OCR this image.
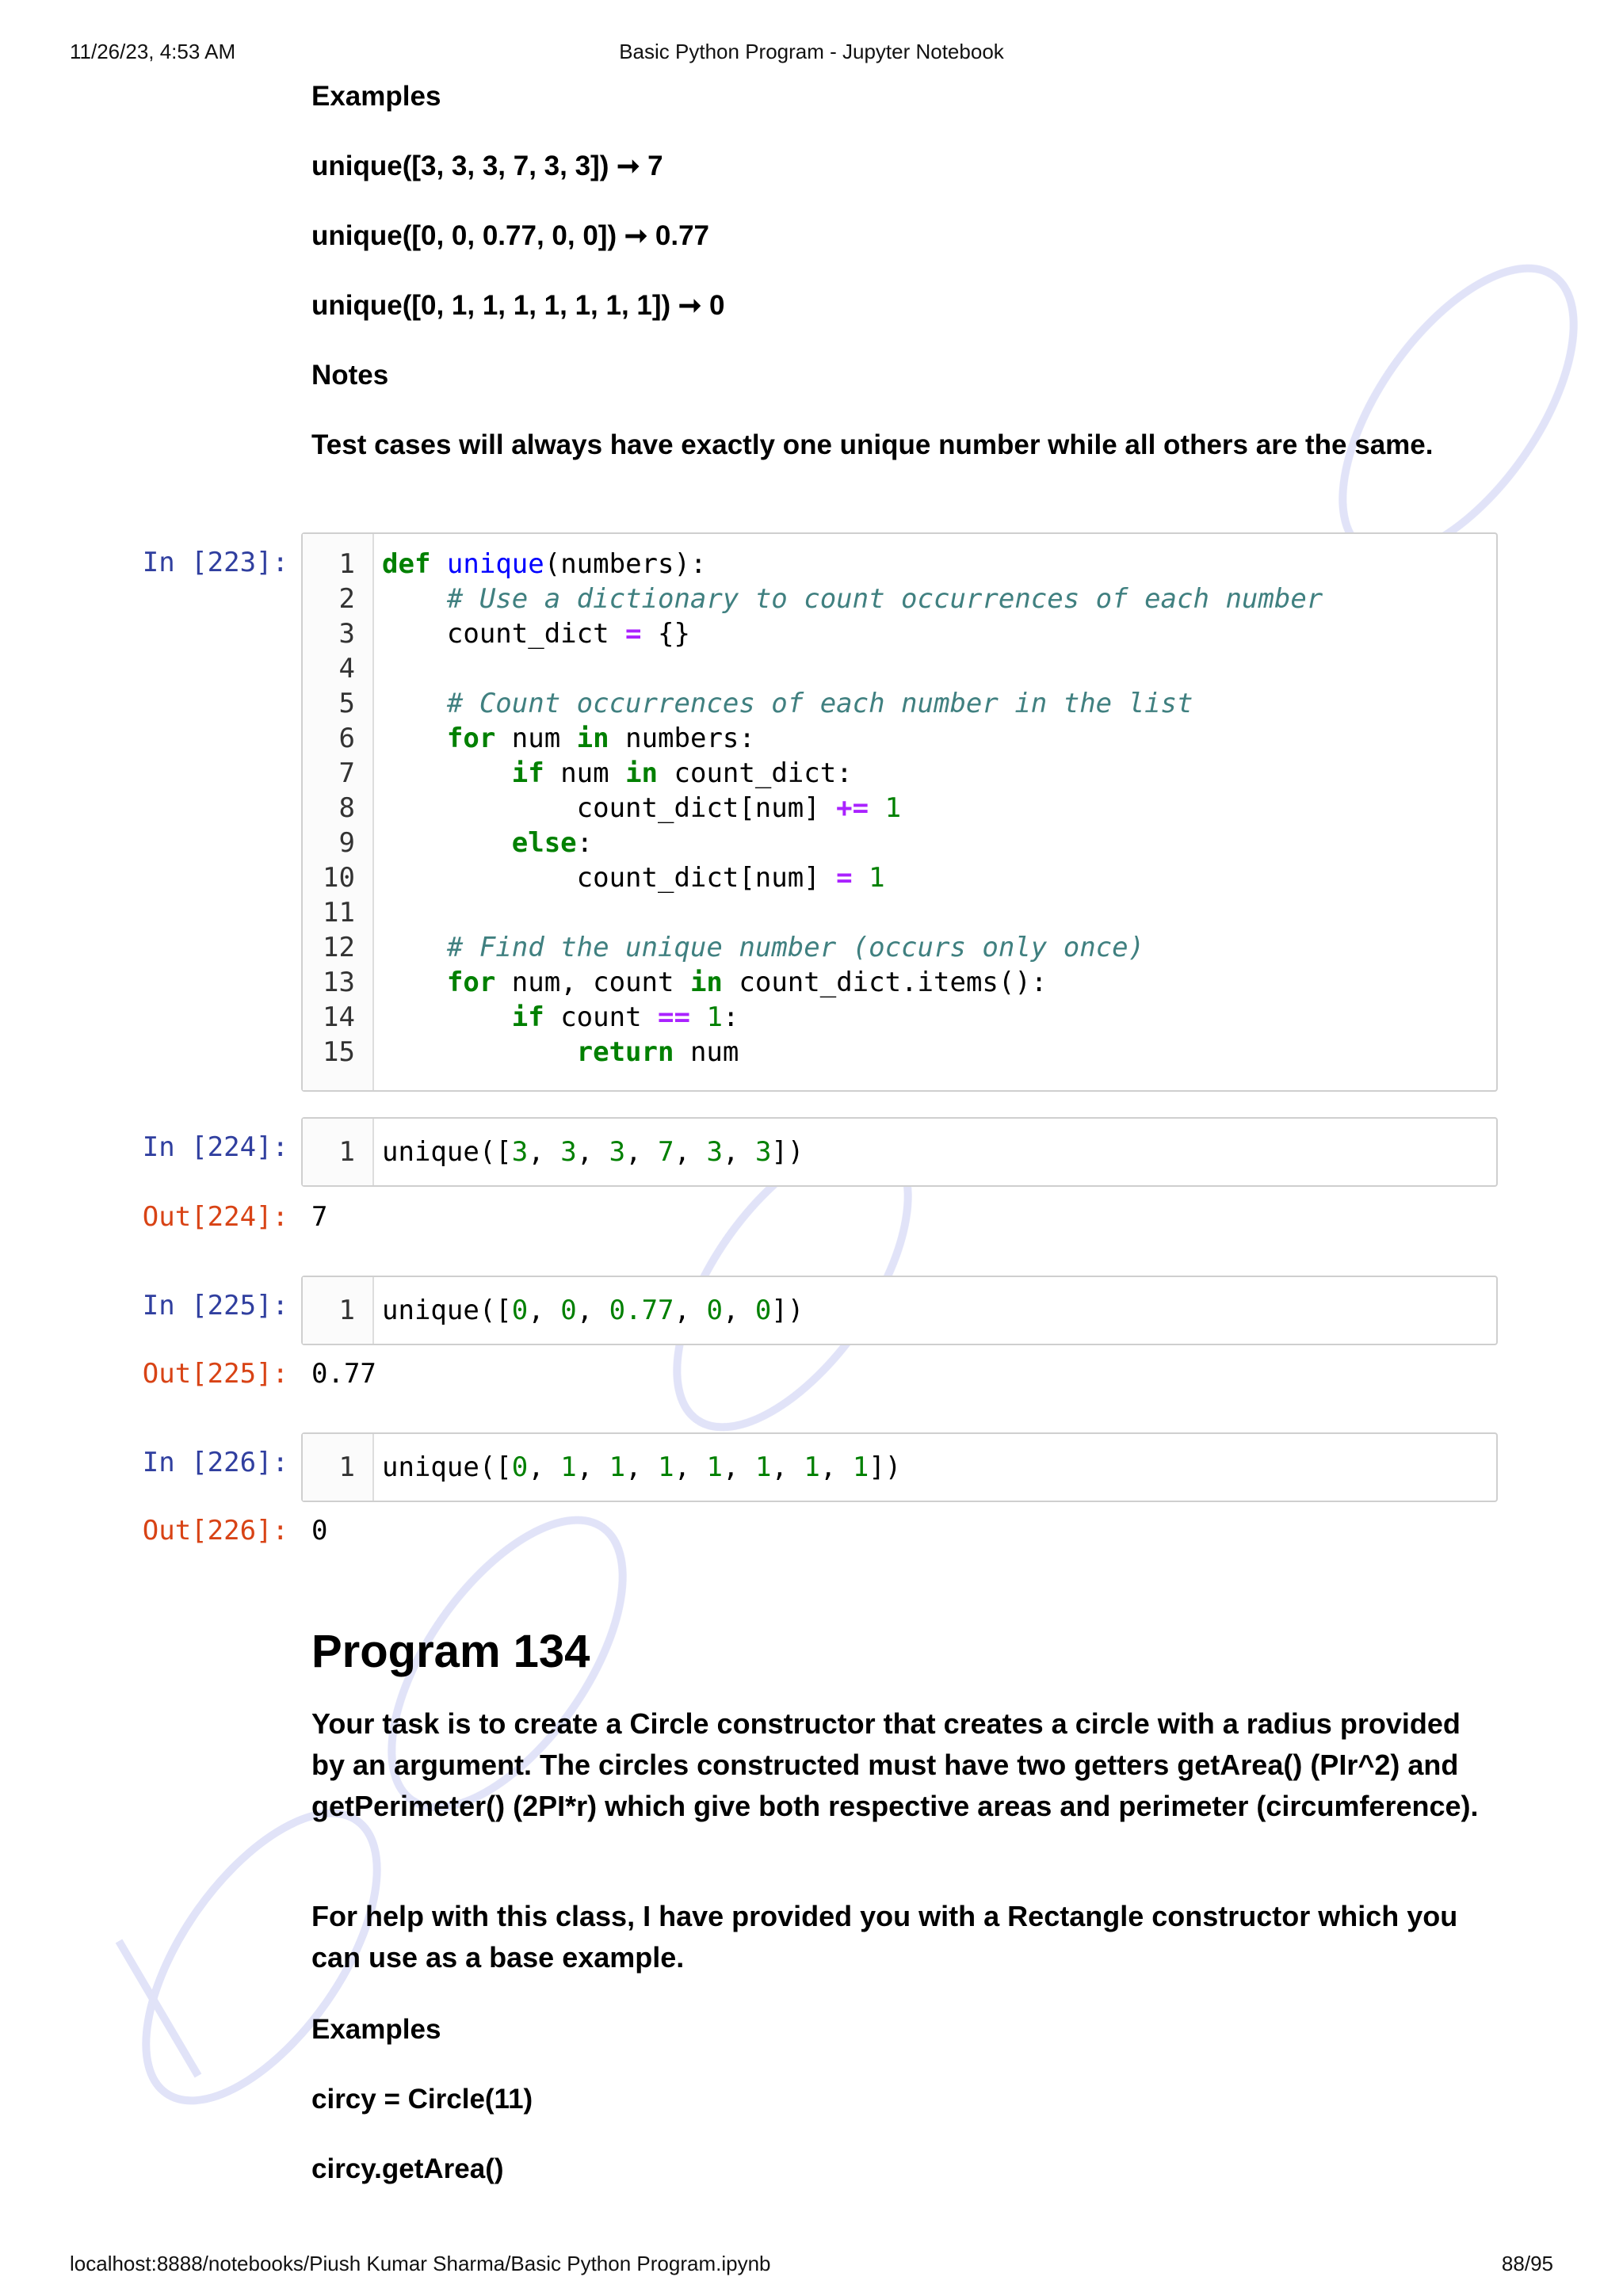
11/26/23, 4:53 AM	Basic Python Program - Jupyter Notebook
Examples
unique([3, 3, 3, 7, 3, 3]) ➞ 7
unique([0, 0, 0.77, 0, 0]) ➞ 0.77
unique([0, 1, 1, 1, 1, 1, 1, 1]) ➞ 0
Notes
Test cases will always have exactly one unique number while all others are the same.
In [223]:	1 def unique(numbers):
2	# Use a dictionary to count occurrences of each number
3 count_dict = {}
4
5	# Count occurrences of each number in the list
6	for num in numbers:
7	if num in count_dict:
8 count_dict[num] += 1
9	else:
10 count_dict[num] = 1
11
12	# Find the unique number (occurs only once)
13	for num, count in count_dict.items():
14	if count == 1:
15	return num
In [224]:	1 unique([3, 3, 3, 7, 3, 3])
Out[224]: 7
In [225]:	1 unique([0, 0, 0.77, 0, 0])
Out[225]: 0.77
In [226]:	1 unique([0, 1, 1, 1, 1, 1, 1, 1])
Out[226]: 0
Program 134
Your task is to create a Circle constructor that creates a circle with a radius provided by an argument. The circles constructed must have two getters getArea() (PIr^2) and getPerimeter() (2PI*r) which give both respective areas and perimeter (circumference).
For help with this class, I have provided you with a Rectangle constructor which you can use as a base example.
Examples
circy = Circle(11)
circy.getArea()
localhost:8888/notebooks/Piush Kumar Sharma/Basic Python Program.ipynb	88/95
